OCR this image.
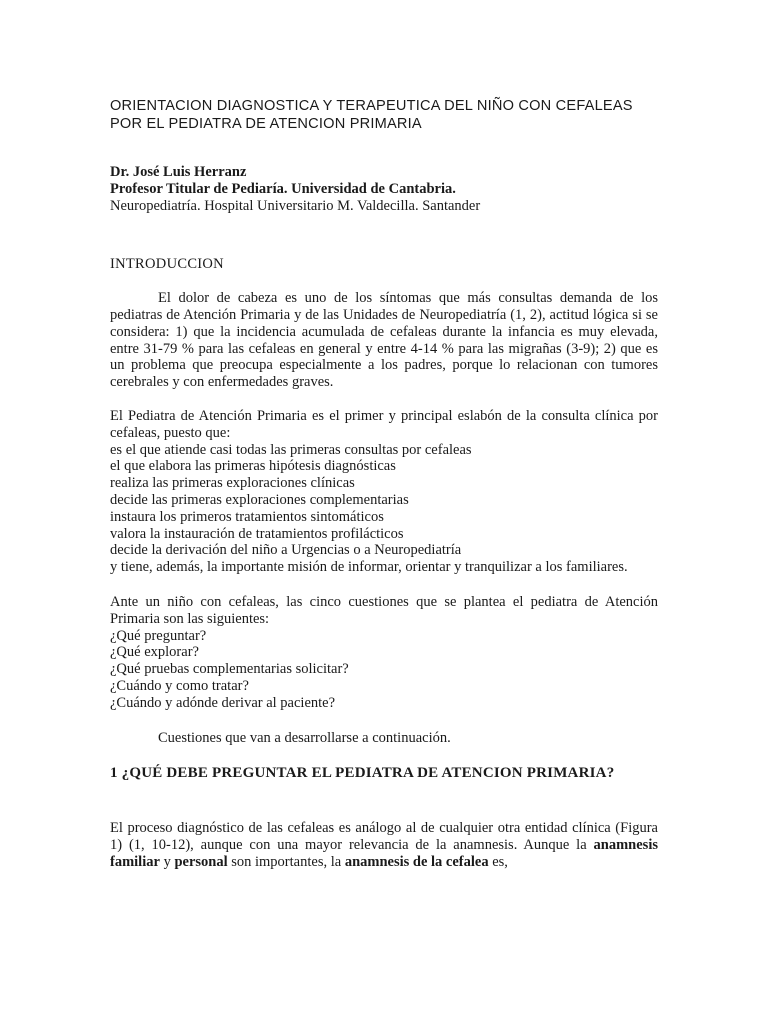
ORIENTACION DIAGNOSTICA Y TERAPEUTICA DEL NIÑO CON CEFALEAS
POR EL PEDIATRA DE ATENCION PRIMARIA
Dr. José Luis Herranz
Profesor Titular de Pediaría. Universidad de Cantabria.
Neuropediatría. Hospital Universitario M. Valdecilla. Santander
INTRODUCCION

El dolor de cabeza es uno de los síntomas que más consultas demanda de los pediatras de Atención Primaria y de las Unidades de Neuropediatría (1, 2), actitud lógica si se considera: 1) que la incidencia acumulada de cefaleas durante la infancia es muy elevada, entre 31-79 % para las cefaleas en general y entre 4-14 % para las migrañas (3-9); 2) que es un problema que preocupa especialmente a los padres, porque lo relacionan con tumores cerebrales y con enfermedades graves.

El Pediatra de Atención Primaria es el primer y principal eslabón de la consulta clínica por cefaleas, puesto que:

es el que atiende casi todas las primeras consultas por cefaleas
el que elabora las primeras hipótesis diagnósticas
realiza las primeras exploraciones clínicas
decide las primeras exploraciones complementarias
instaura los primeros tratamientos sintomáticos
valora la instauración de tratamientos profilácticos
decide la derivación del niño a Urgencias o a Neuropediatría
y tiene, además, la importante misión de informar, orientar y tranquilizar a los familiares.

Ante un niño con cefaleas, las cinco cuestiones que se plantea el pediatra de Atención Primaria son las siguientes:

¿Qué preguntar?
¿Qué explorar?
¿Qué pruebas complementarias solicitar?
¿Cuándo y como tratar?
¿Cuándo y adónde derivar al paciente?
Cuestiones que van a desarrollarse a continuación.
1 ¿QUÉ DEBE PREGUNTAR EL PEDIATRA DE ATENCION PRIMARIA?

El proceso diagnóstico de las cefaleas es análogo al de cualquier otra entidad clínica (Figura 1) (1, 10-12), aunque con una mayor relevancia de la anamnesis. Aunque la anamnesis familiar y personal son importantes, la anamnesis de la cefalea es,
